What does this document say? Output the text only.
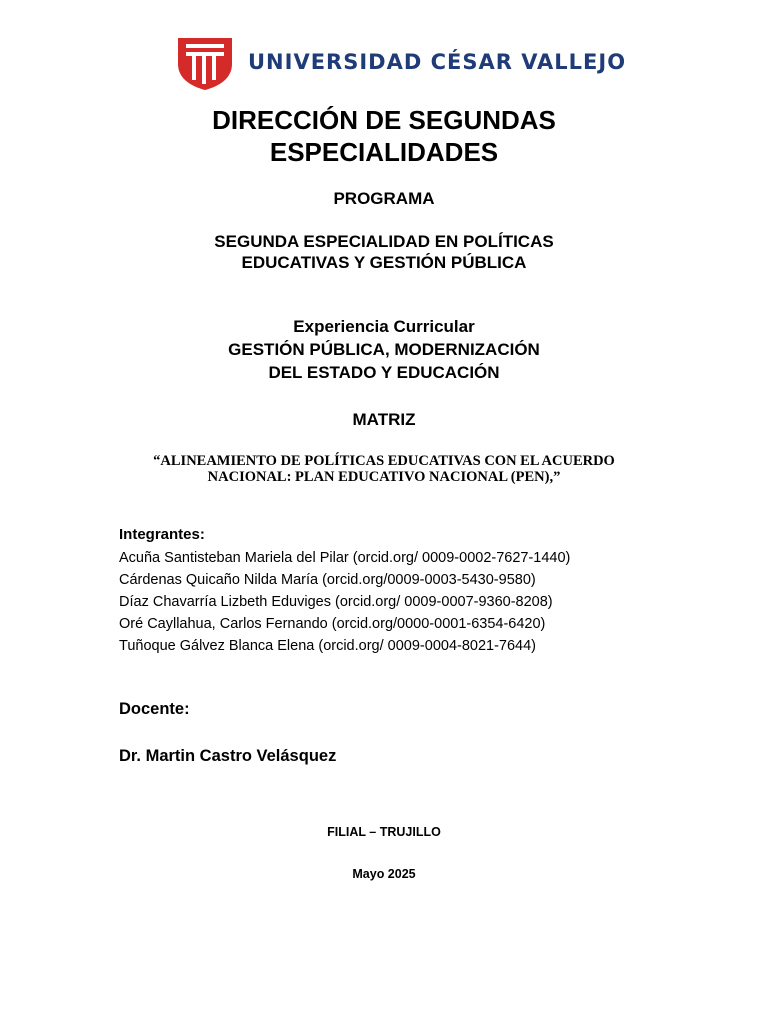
UNIVERSIDAD CÉSAR VALLEJO
DIRECCIÓN DE SEGUNDAS
ESPECIALIDADES
PROGRAMA
SEGUNDA ESPECIALIDAD EN POLÍTICAS
EDUCATIVAS Y GESTIÓN PÚBLICA
Experiencia Curricular
GESTIÓN PÚBLICA, MODERNIZACIÓN
DEL ESTADO Y EDUCACIÓN
MATRIZ
“ALINEAMIENTO DE POLÍTICAS EDUCATIVAS CON EL ACUERDO
NACIONAL: PLAN EDUCATIVO NACIONAL (PEN),”
Integrantes:
Acuña Santisteban Mariela del Pilar (orcid.org/ 0009-0002-7627-1440)
Cárdenas Quicaño Nilda María (orcid.org/0009-0003-5430-9580)
Díaz Chavarría Lizbeth Eduviges (orcid.org/ 0009-0007-9360-8208)
Oré Cayllahua, Carlos Fernando (orcid.org/0000-0001-6354-6420)
Tuñoque Gálvez Blanca Elena (orcid.org/ 0009-0004-8021-7644)
Docente:
Dr. Martin Castro Velásquez
FILIAL – TRUJILLO
Mayo 2025
